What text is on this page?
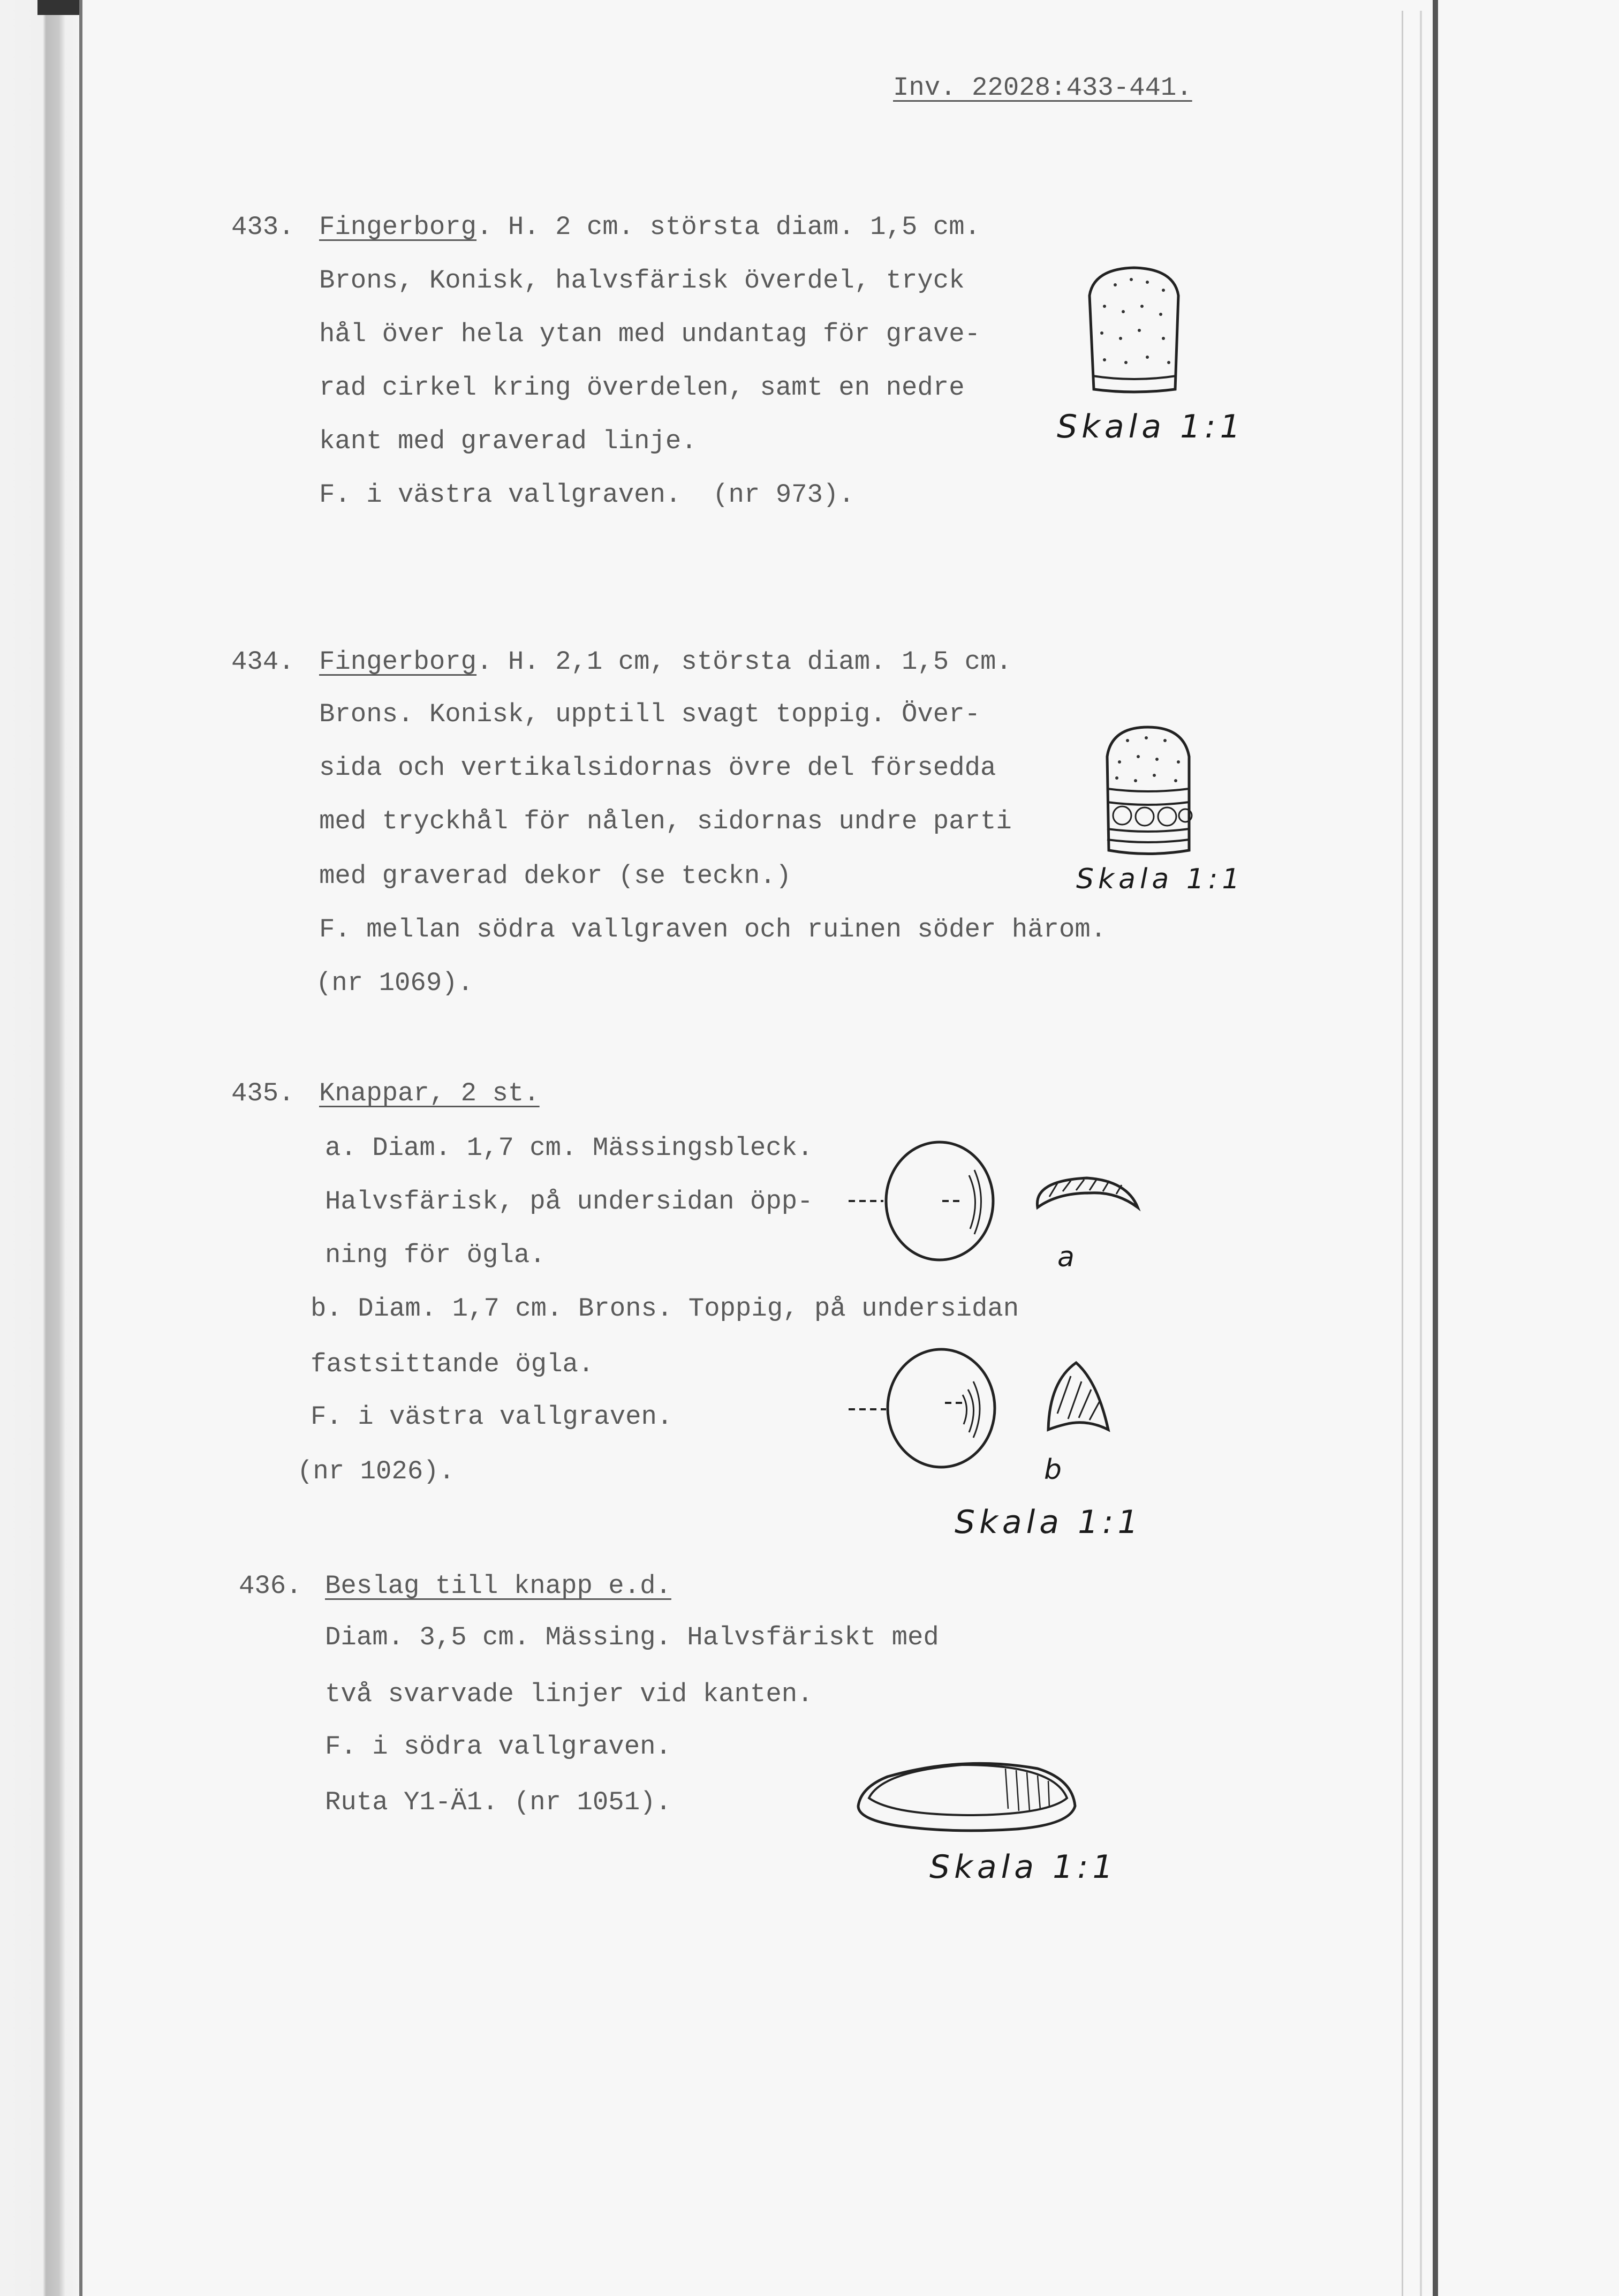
Inv. 22028:433-441.
433. Fingerborg. H. 2 cm. största diam. 1,5 cm.
Brons, Konisk, halvsfärisk överdel, tryck
hål över hela ytan med undantag för grave-
rad cirkel kring överdelen, samt en nedre
kant med graverad linje.
F. i västra vallgraven.  (nr 973).
Skala 1:1
434. Fingerborg. H. 2,1 cm, största diam. 1,5 cm.
Brons. Konisk, upptill svagt toppig. Över-
sida och vertikalsidornas övre del försedda
med tryckhål för nålen, sidornas undre parti
med graverad dekor (se teckn.)
F. mellan södra vallgraven och ruinen söder härom.
(nr 1069).
Skala 1:1
435. Knappar, 2 st.
a. Diam. 1,7 cm. Mässingsbleck.
Halvsfärisk, på undersidan öpp-
ning för ögla.
b. Diam. 1,7 cm. Brons. Toppig, på undersidan
fastsittande ögla.
F. i västra vallgraven.
(nr 1026).
a
b
Skala 1:1
436. Beslag till knapp e.d.
Diam. 3,5 cm. Mässing. Halvsfäriskt med
två svarvade linjer vid kanten.
F. i södra vallgraven.
Ruta Y1-Ä1. (nr 1051).
Skala 1:1
